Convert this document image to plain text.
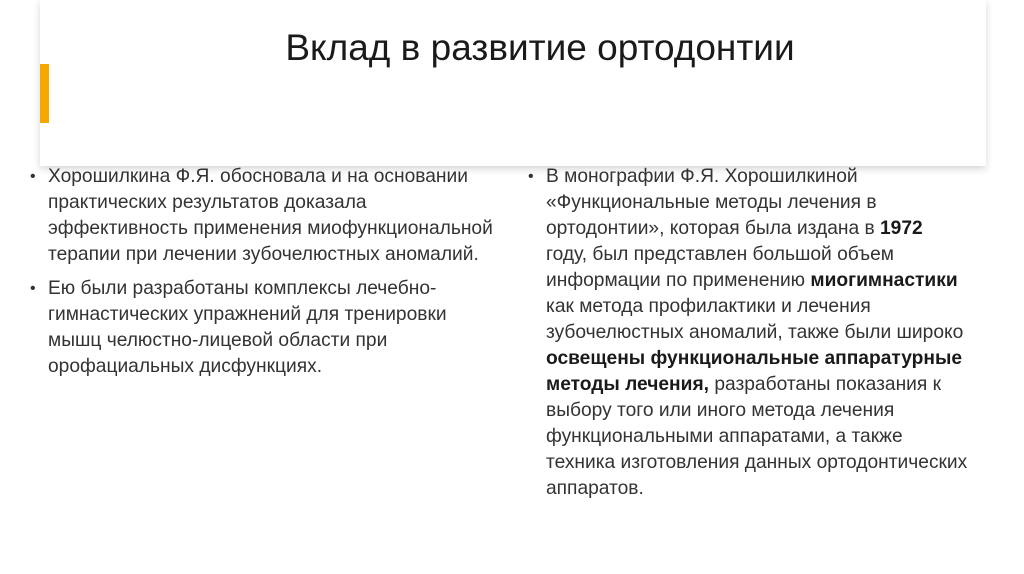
Вклад в развитие ортодонтии
• Хорошилкина Ф.Я. обосновала и на основании практических результатов доказала эффективность применения миофункциональной терапии при лечении зубочелюстных аномалий.
• Ею были разработаны комплексы лечебно-гимнастических упражнений для тренировки мышц челюстно-лицевой области при орофациальных дисфункциях.
• В монографии Ф.Я. Хорошилкиной «Функциональные методы лечения в ортодонтии», которая была издана в 1972 году, был представлен большой объем информации по применению миогимнастики как метода профилактики и лечения зубочелюстных аномалий, также были широко освещены функциональные аппаратурные методы лечения, разработаны показания к выбору того или иного метода лечения функциональными аппаратами, а также техника изготовления данных ортодонтических аппаратов.
